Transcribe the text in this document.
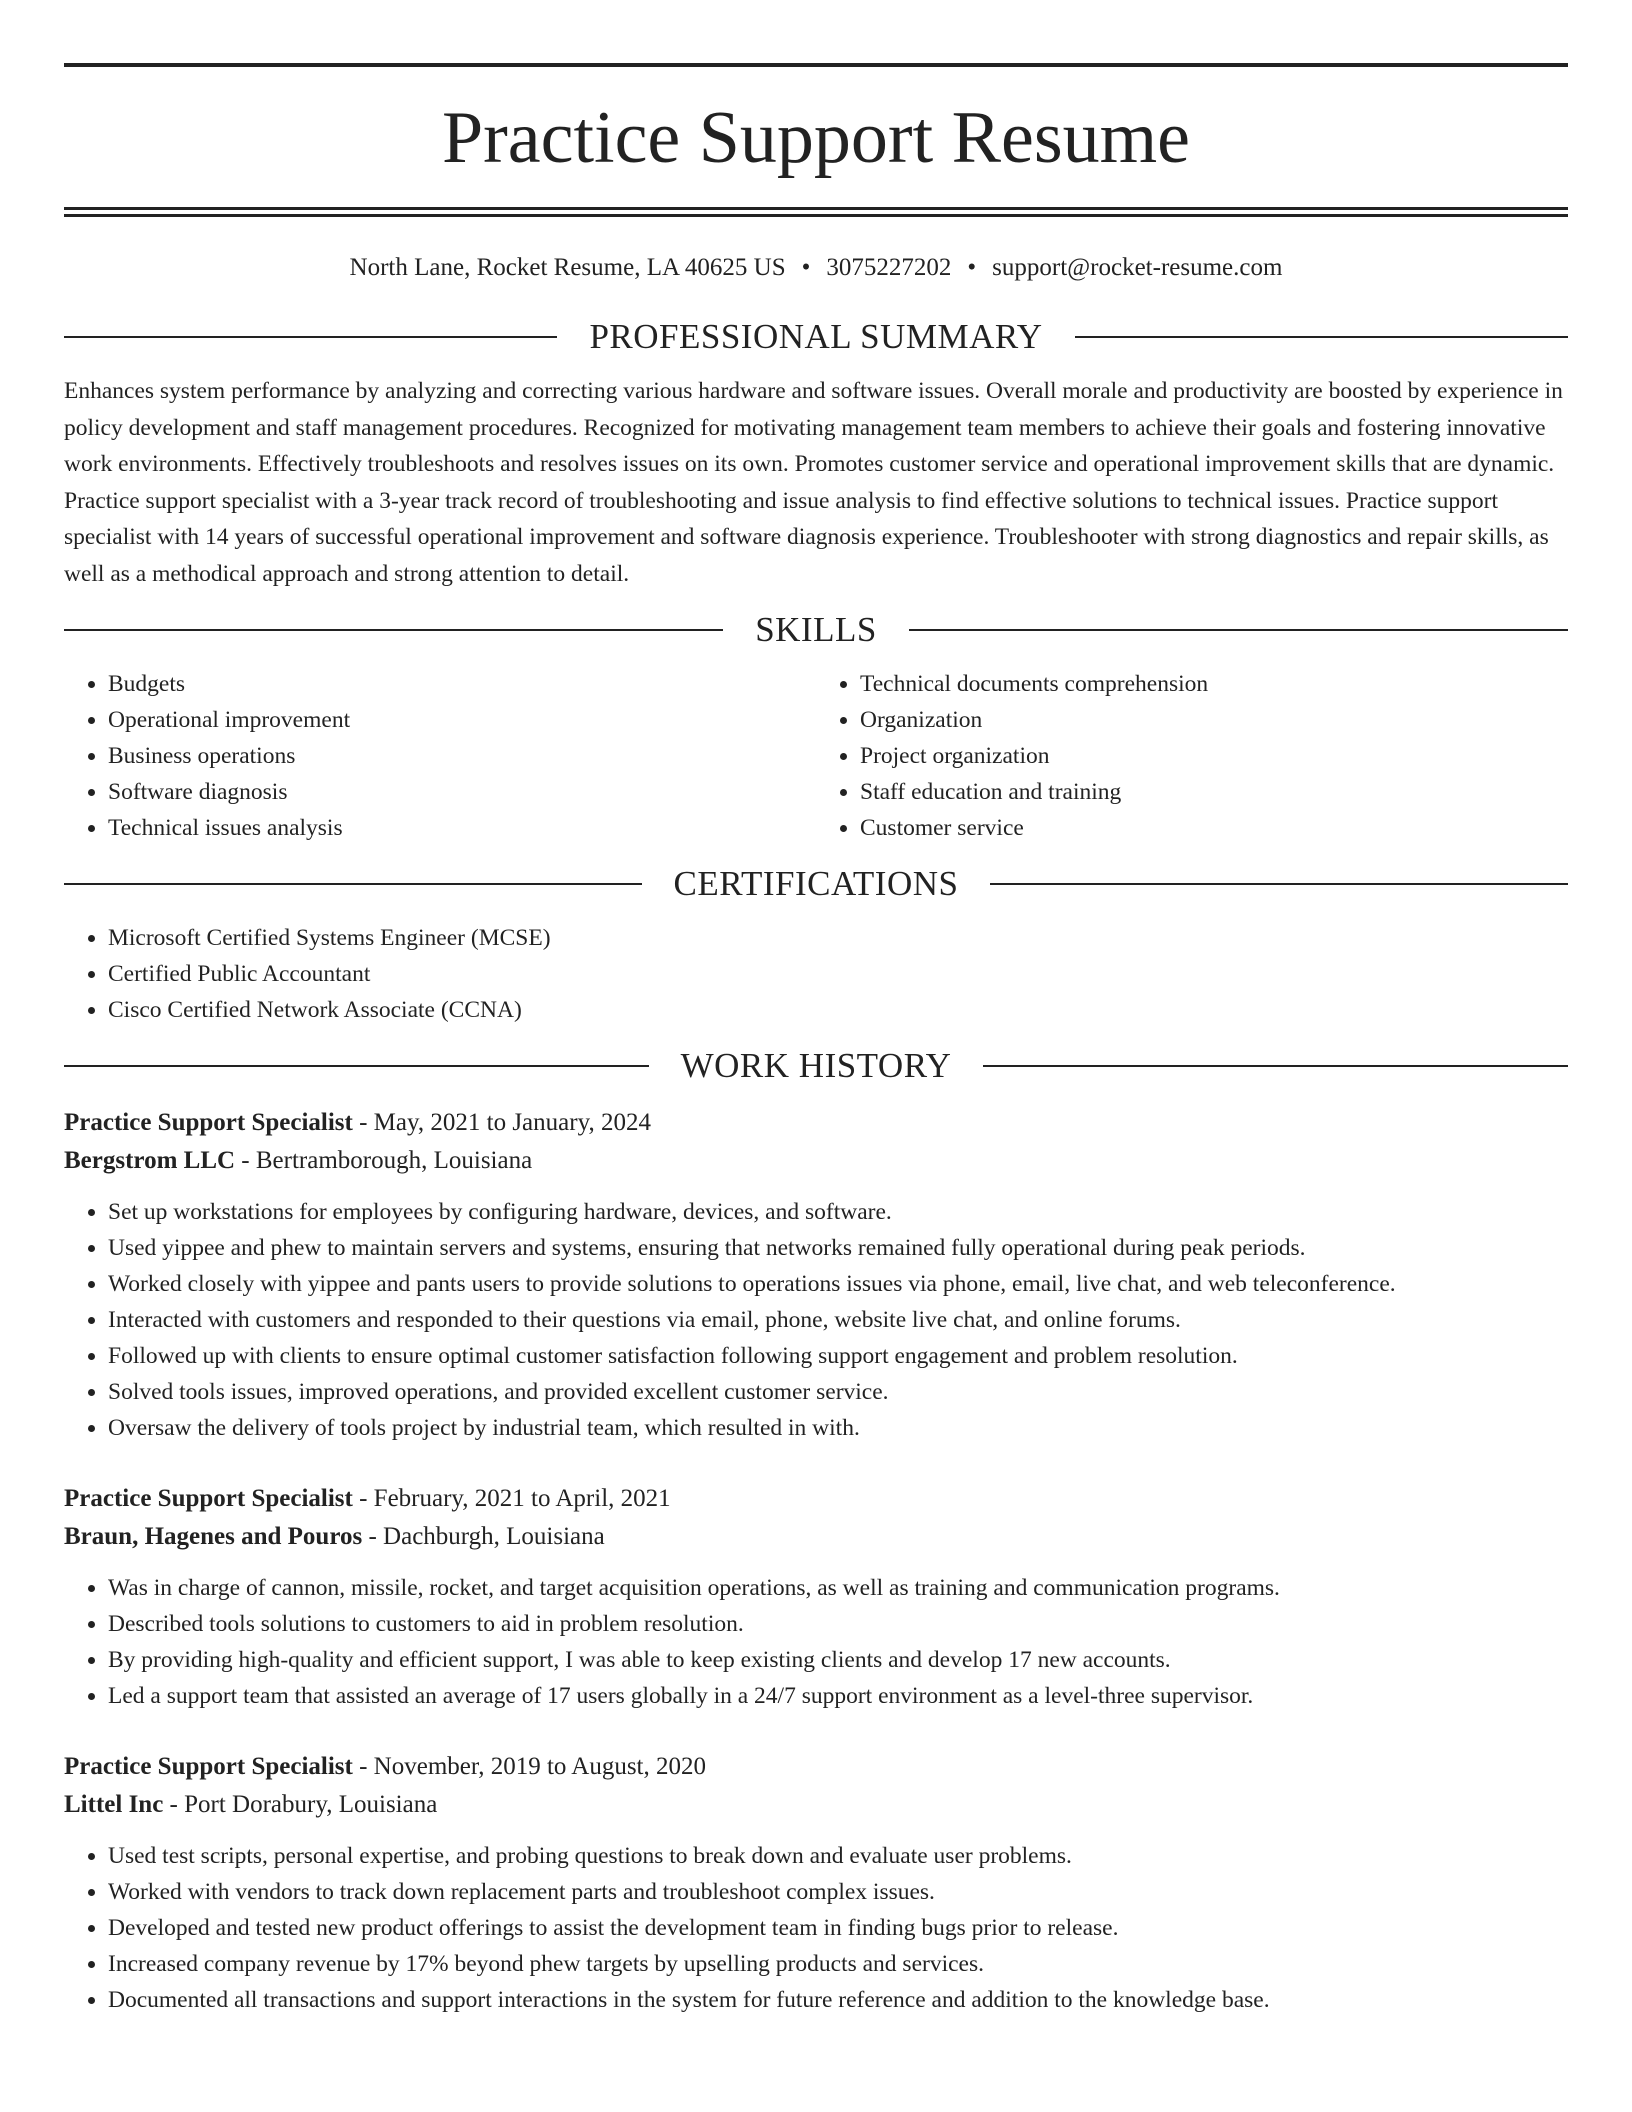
Practice Support Resume
North Lane, Rocket Resume, LA 40625 US • 3075227202 • support@rocket-resume.com
PROFESSIONAL SUMMARY
Enhances system performance by analyzing and correcting various hardware and software issues. Overall morale and productivity are boosted by experience in policy development and staff management procedures. Recognized for motivating management team members to achieve their goals and fostering innovative work environments. Effectively troubleshoots and resolves issues on its own. Promotes customer service and operational improvement skills that are dynamic. Practice support specialist with a 3-year track record of troubleshooting and issue analysis to find effective solutions to technical issues. Practice support specialist with 14 years of successful operational improvement and software diagnosis experience. Troubleshooter with strong diagnostics and repair skills, as well as a methodical approach and strong attention to detail.
SKILLS
• Budgets
• Operational improvement
• Business operations
• Software diagnosis
• Technical issues analysis
• Technical documents comprehension
• Organization
• Project organization
• Staff education and training
• Customer service
CERTIFICATIONS
• Microsoft Certified Systems Engineer (MCSE)
• Certified Public Accountant
• Cisco Certified Network Associate (CCNA)
WORK HISTORY
Practice Support Specialist - May, 2021 to January, 2024
Bergstrom LLC - Bertramborough, Louisiana
• Set up workstations for employees by configuring hardware, devices, and software.
• Used yippee and phew to maintain servers and systems, ensuring that networks remained fully operational during peak periods.
• Worked closely with yippee and pants users to provide solutions to operations issues via phone, email, live chat, and web teleconference.
• Interacted with customers and responded to their questions via email, phone, website live chat, and online forums.
• Followed up with clients to ensure optimal customer satisfaction following support engagement and problem resolution.
• Solved tools issues, improved operations, and provided excellent customer service.
• Oversaw the delivery of tools project by industrial team, which resulted in with.
Practice Support Specialist - February, 2021 to April, 2021
Braun, Hagenes and Pouros - Dachburgh, Louisiana
• Was in charge of cannon, missile, rocket, and target acquisition operations, as well as training and communication programs.
• Described tools solutions to customers to aid in problem resolution.
• By providing high-quality and efficient support, I was able to keep existing clients and develop 17 new accounts.
• Led a support team that assisted an average of 17 users globally in a 24/7 support environment as a level-three supervisor.
Practice Support Specialist - November, 2019 to August, 2020
Littel Inc - Port Dorabury, Louisiana
• Used test scripts, personal expertise, and probing questions to break down and evaluate user problems.
• Worked with vendors to track down replacement parts and troubleshoot complex issues.
• Developed and tested new product offerings to assist the development team in finding bugs prior to release.
• Increased company revenue by 17% beyond phew targets by upselling products and services.
• Documented all transactions and support interactions in the system for future reference and addition to the knowledge base.
